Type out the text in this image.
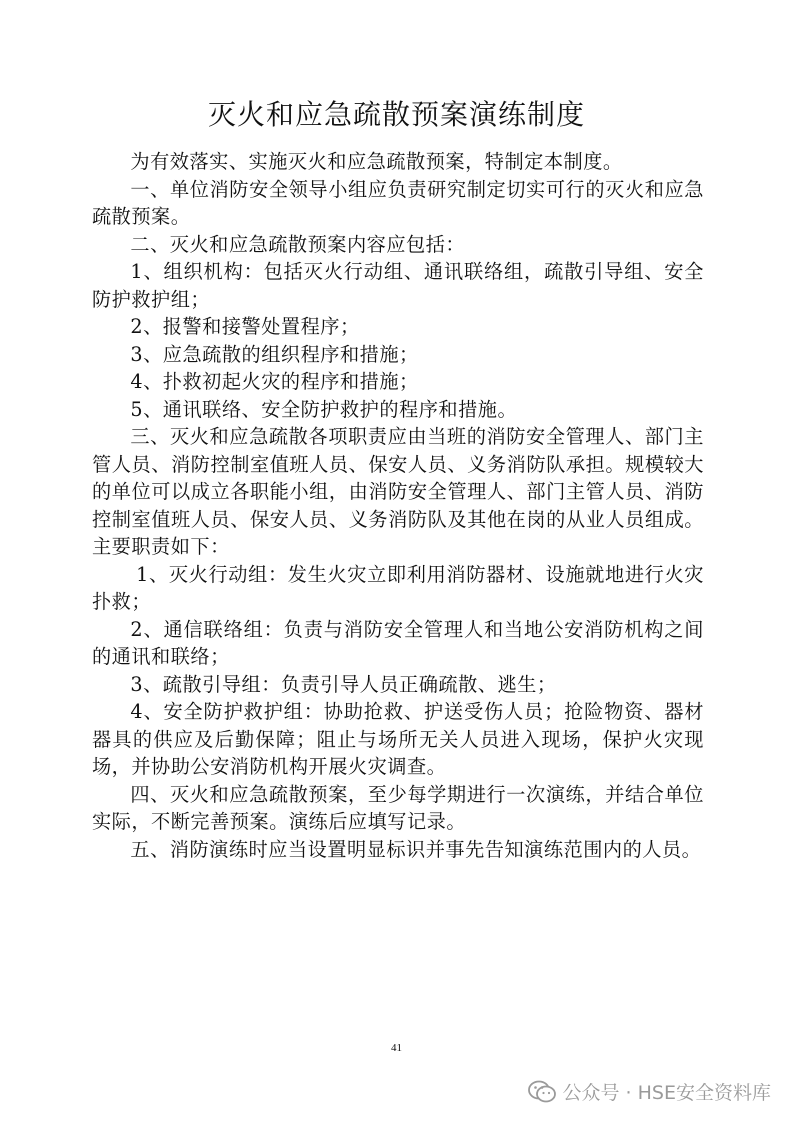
灭火和应急疏散预案演练制度

为有效落实、实施灭火和应急疏散预案，特制定本制度。

一、单位消防安全领导小组应负责研究制定切实可行的灭火和应急疏散预案。

二、灭火和应急疏散预案内容应包括：

1、组织机构：包括灭火行动组、通讯联络组，疏散引导组、安全防护救护组；

2、报警和接警处置程序；

3、应急疏散的组织程序和措施；

4、扑救初起火灾的程序和措施；

5、通讯联络、安全防护救护的程序和措施。

三、灭火和应急疏散各项职责应由当班的消防安全管理人、部门主管人员、消防控制室值班人员、保安人员、义务消防队承担。规模较大的单位可以成立各职能小组，由消防安全管理人、部门主管人员、消防控制室值班人员、保安人员、义务消防队及其他在岗的从业人员组成。主要职责如下：

1、灭火行动组：发生火灾立即利用消防器材、设施就地进行火灾扑救；

2、通信联络组：负责与消防安全管理人和当地公安消防机构之间的通讯和联络；

3、疏散引导组：负责引导人员正确疏散、逃生；

4、安全防护救护组：协助抢救、护送受伤人员；抢险物资、器材器具的供应及后勤保障；阻止与场所无关人员进入现场，保护火灾现场，并协助公安消防机构开展火灾调查。

四、灭火和应急疏散预案，至少每学期进行一次演练，并结合单位实际，不断完善预案。演练后应填写记录。

五、消防演练时应当设置明显标识并事先告知演练范围内的人员。

41
公众号 · HSE安全资料库
